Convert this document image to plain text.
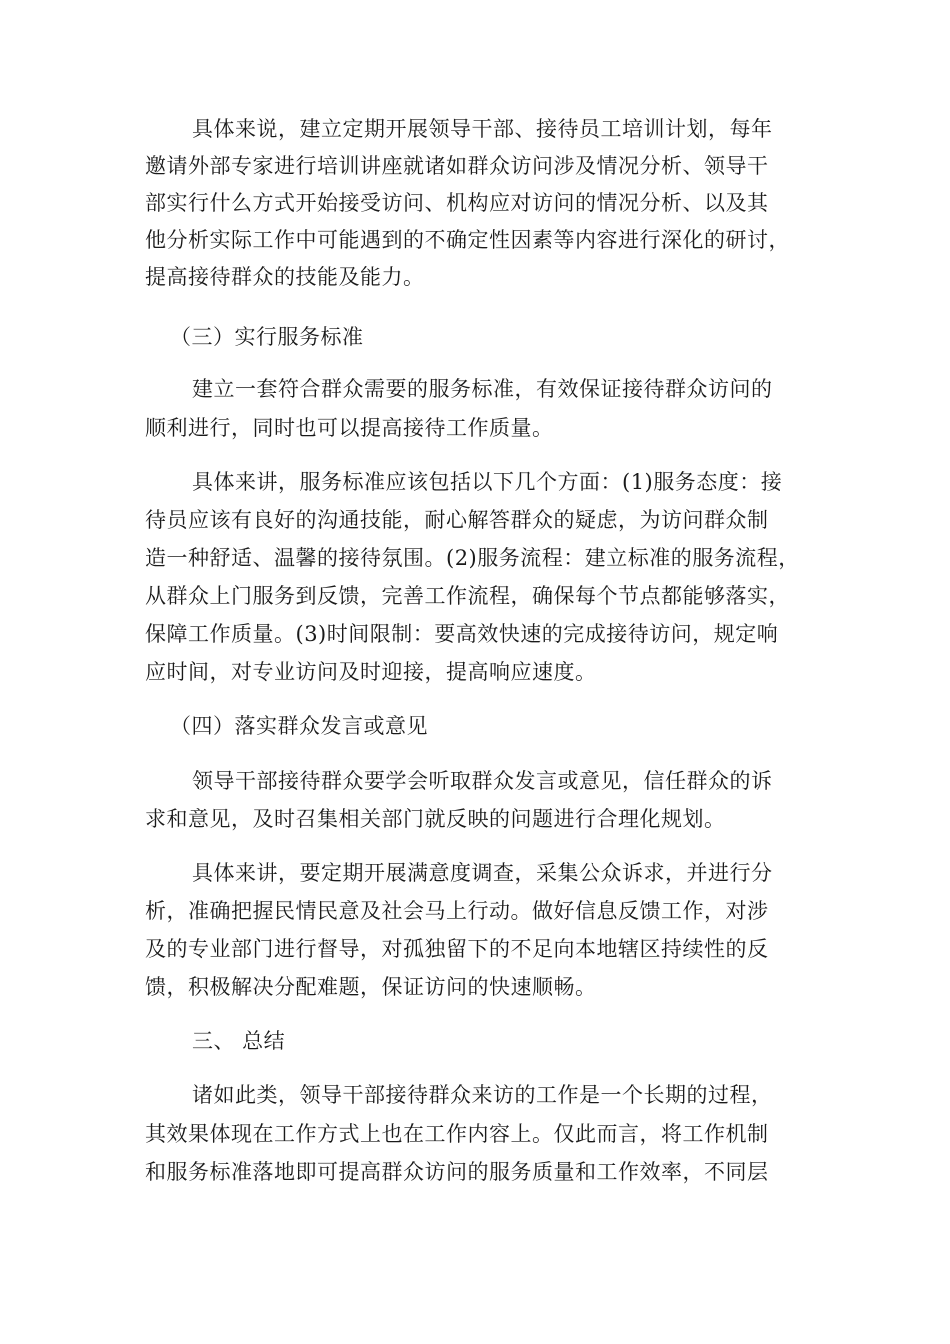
具体来说，建立定期开展领导干部、接待员工培训计划，每年
邀请外部专家进行培训讲座就诸如群众访问涉及情况分析、领导干
部实行什么方式开始接受访问、机构应对访问的情况分析、以及其
他分析实际工作中可能遇到的不确定性因素等内容进行深化的研讨，
提高接待群众的技能及能力。
（三）实行服务标准
建立一套符合群众需要的服务标准，有效保证接待群众访问的
顺利进行，同时也可以提高接待工作质量。
具体来讲，服务标准应该包括以下几个方面：(1)服务态度：接
待员应该有良好的沟通技能，耐心解答群众的疑虑，为访问群众制
造一种舒适、温馨的接待氛围。(2)服务流程：建立标准的服务流程，
从群众上门服务到反馈，完善工作流程，确保每个节点都能够落实，
保障工作质量。(3)时间限制：要高效快速的完成接待访问，规定响
应时间，对专业访问及时迎接，提高响应速度。
（四）落实群众发言或意见
领导干部接待群众要学会听取群众发言或意见，信任群众的诉
求和意见，及时召集相关部门就反映的问题进行合理化规划。
具体来讲，要定期开展满意度调查，采集公众诉求，并进行分
析，准确把握民情民意及社会马上行动。做好信息反馈工作，对涉
及的专业部门进行督导，对孤独留下的不足向本地辖区持续性的反
馈，积极解决分配难题，保证访问的快速顺畅。
三、 总结
诸如此类，领导干部接待群众来访的工作是一个长期的过程，
其效果体现在工作方式上也在工作内容上。仅此而言，将工作机制
和服务标准落地即可提高群众访问的服务质量和工作效率，不同层
